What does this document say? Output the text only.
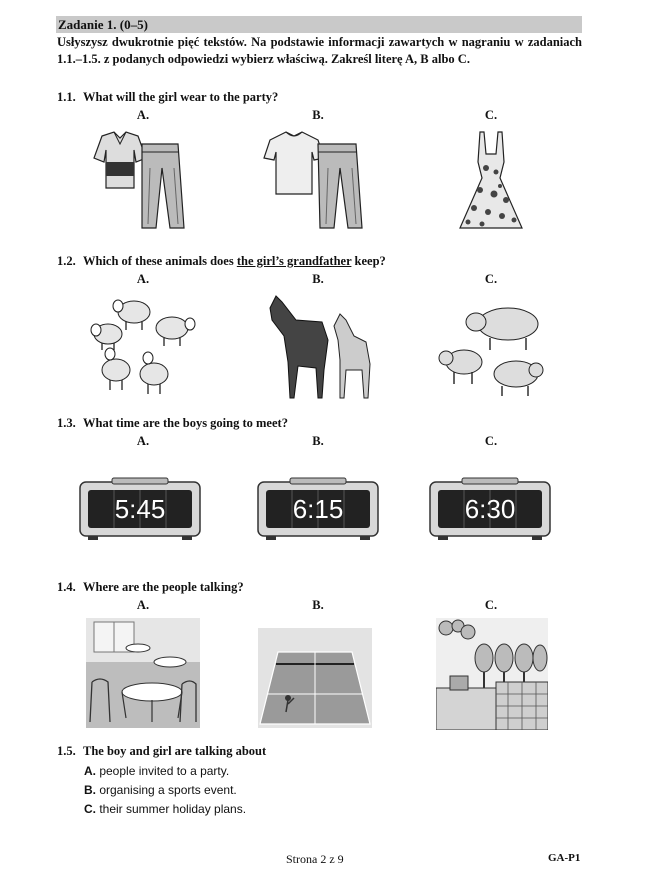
Zadanie 1. (0–5)
Usłyszysz dwukrotnie pięć tekstów. Na podstawie informacji zawartych w nagraniu w zadaniach 1.1.–1.5. z podanych odpowiedzi wybierz właściwą. Zakreśl literę A, B albo C.
1.1. What will the girl wear to the party?
A.	B.	C.
1.2. Which of these animals does the girl’s grandfather keep?
A.	B.	C.
1.3. What time are the boys going to meet?
A.	B.	C.
5:45	6:15	6:30
1.4. Where are the people talking?
A.	B.	C.
1.5. The boy and girl are talking about
A. people invited to a party.
B. organising a sports event.
C. their summer holiday plans.
Strona 2 z 9	GA-P1
